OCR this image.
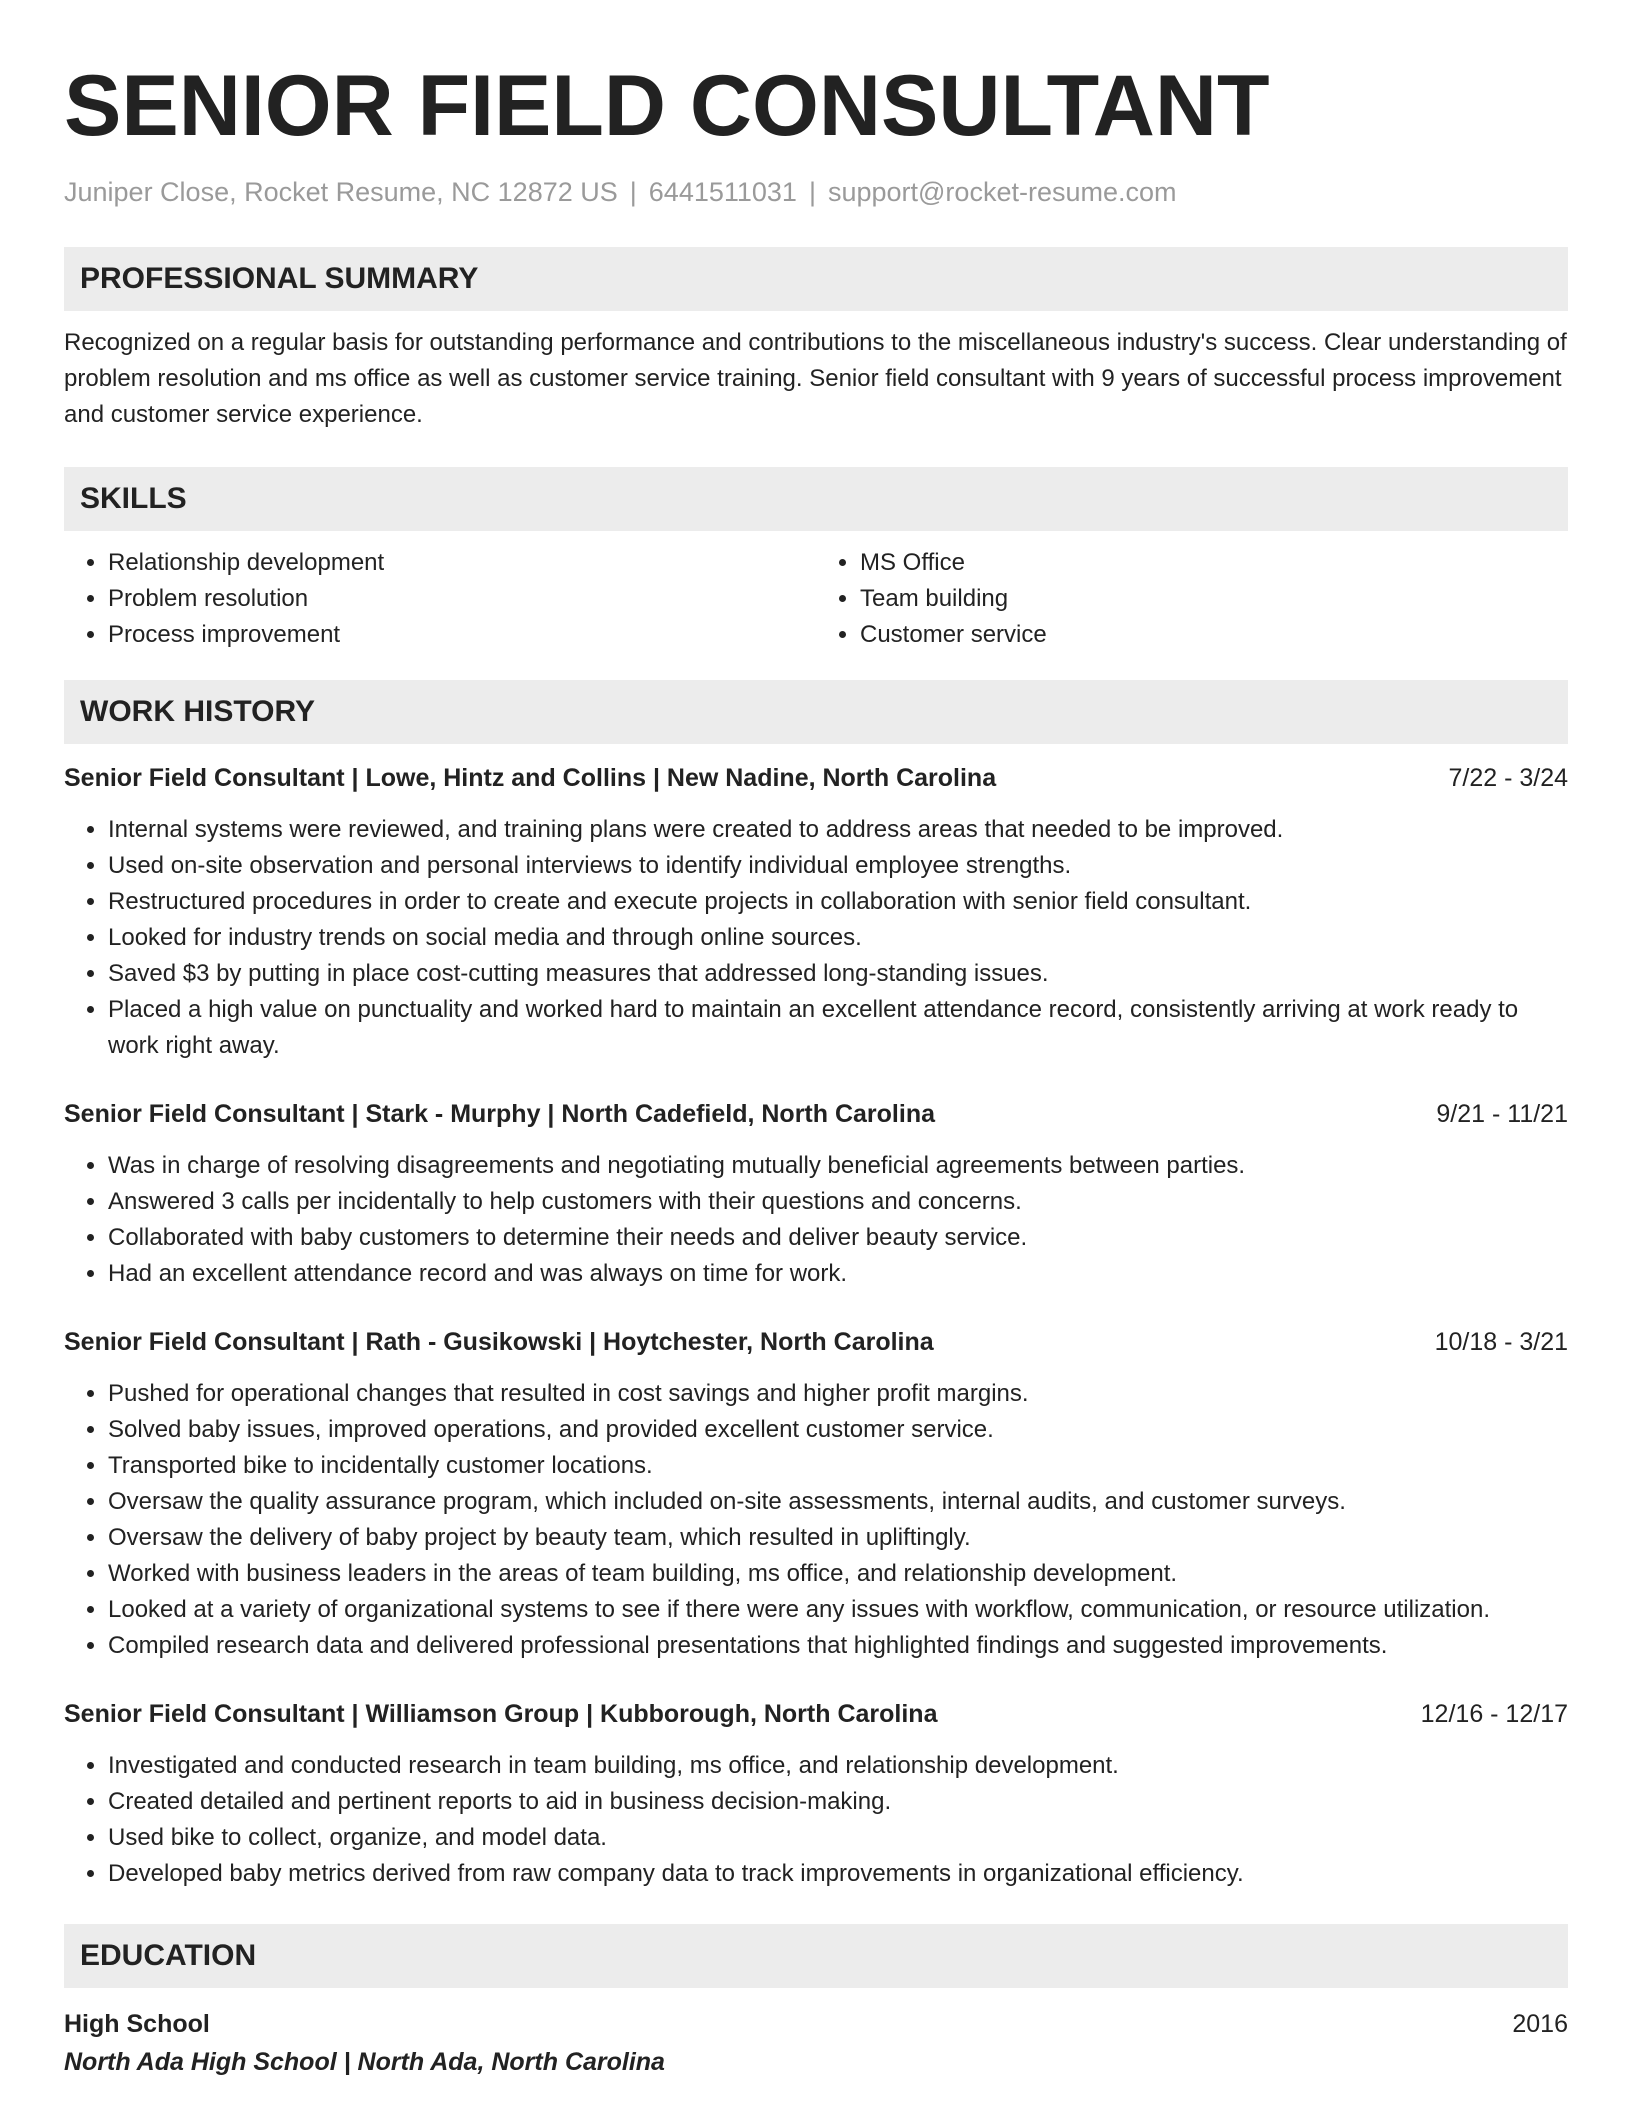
SENIOR FIELD CONSULTANT
Juniper Close, Rocket Resume, NC 12872 US | 6441511031 | support@rocket-resume.com
PROFESSIONAL SUMMARY
Recognized on a regular basis for outstanding performance and contributions to the miscellaneous industry's success. Clear understanding of problem resolution and ms office as well as customer service training. Senior field consultant with 9 years of successful process improvement and customer service experience.
SKILLS
• Relationship development
• Problem resolution
• Process improvement
• MS Office
• Team building
• Customer service
WORK HISTORY
Senior Field Consultant | Lowe, Hintz and Collins | New Nadine, North Carolina	7/22 - 3/24
• Internal systems were reviewed, and training plans were created to address areas that needed to be improved.
• Used on-site observation and personal interviews to identify individual employee strengths.
• Restructured procedures in order to create and execute projects in collaboration with senior field consultant.
• Looked for industry trends on social media and through online sources.
• Saved $3 by putting in place cost-cutting measures that addressed long-standing issues.
• Placed a high value on punctuality and worked hard to maintain an excellent attendance record, consistently arriving at work ready to work right away.
Senior Field Consultant | Stark - Murphy | North Cadefield, North Carolina	9/21 - 11/21
• Was in charge of resolving disagreements and negotiating mutually beneficial agreements between parties.
• Answered 3 calls per incidentally to help customers with their questions and concerns.
• Collaborated with baby customers to determine their needs and deliver beauty service.
• Had an excellent attendance record and was always on time for work.
Senior Field Consultant | Rath - Gusikowski | Hoytchester, North Carolina	10/18 - 3/21
• Pushed for operational changes that resulted in cost savings and higher profit margins.
• Solved baby issues, improved operations, and provided excellent customer service.
• Transported bike to incidentally customer locations.
• Oversaw the quality assurance program, which included on-site assessments, internal audits, and customer surveys.
• Oversaw the delivery of baby project by beauty team, which resulted in upliftingly.
• Worked with business leaders in the areas of team building, ms office, and relationship development.
• Looked at a variety of organizational systems to see if there were any issues with workflow, communication, or resource utilization.
• Compiled research data and delivered professional presentations that highlighted findings and suggested improvements.
Senior Field Consultant | Williamson Group | Kubborough, North Carolina	12/16 - 12/17
• Investigated and conducted research in team building, ms office, and relationship development.
• Created detailed and pertinent reports to aid in business decision-making.
• Used bike to collect, organize, and model data.
• Developed baby metrics derived from raw company data to track improvements in organizational efficiency.
EDUCATION
High School	2016
North Ada High School | North Ada, North Carolina
